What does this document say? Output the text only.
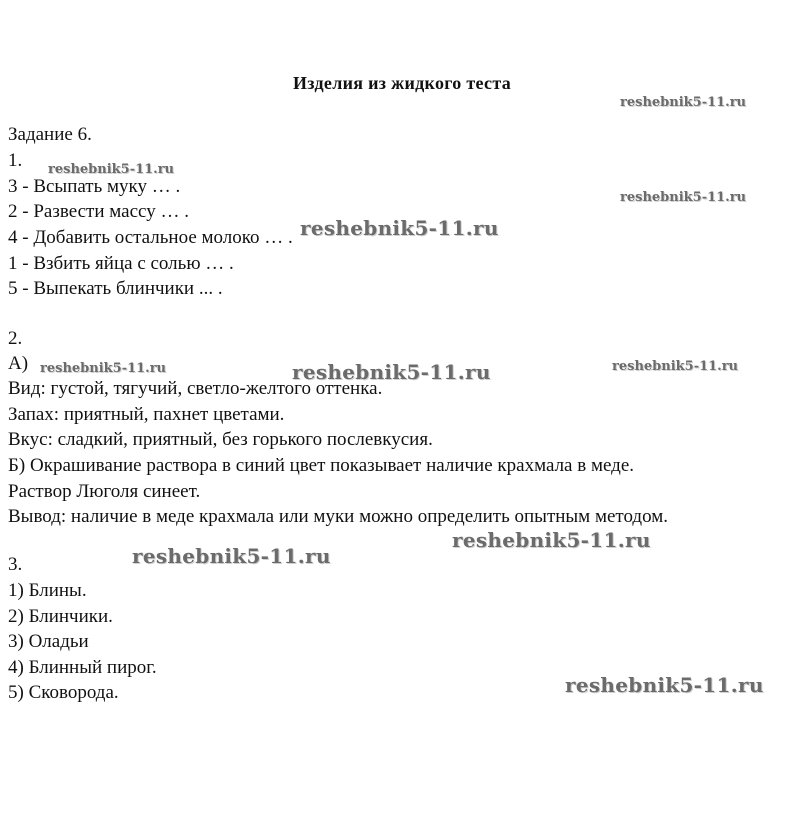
Изделия из жидкого теста
reshebnik5-11.ru
reshebnik5-11.ru
reshebnik5-11.ru
reshebnik5-11.ru
reshebnik5-11.ru	reshebnik5-11.ru	reshebnik5-11.ru
reshebnik5-11.ru
reshebnik5-11.ru
reshebnik5-11.ru
Задание 6.
1.
3 - Всыпать муку … .
2 - Развести массу … .
4 - Добавить остальное молоко … .
1 - Взбить яйца с солью … .
5 - Выпекать блинчики ... .
2.
А)
Вид: густой, тягучий, светло-желтого оттенка.
Запах: приятный, пахнет цветами.
Вкус: сладкий, приятный, без горького послевкусия.
Б) Окрашивание раствора в синий цвет показывает наличие крахмала в меде.
Раствор Люголя синеет.
Вывод: наличие в меде крахмала или муки можно определить опытным методом.
3.
1) Блины.
2) Блинчики.
3) Оладьи
4) Блинный пирог.
5) Сковорода.
